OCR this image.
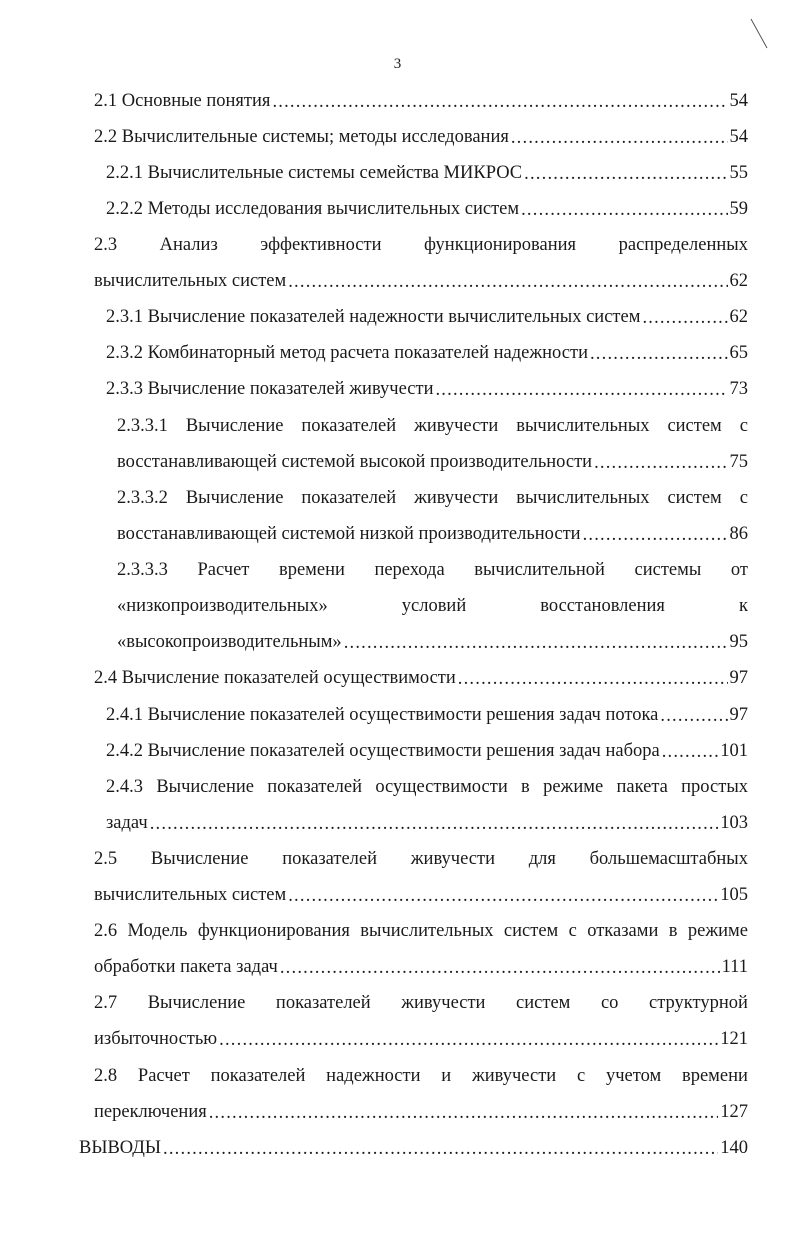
3
2.1 Основные понятия .....	54
2.2 Вычислительные системы; методы исследования .....	54
2.2.1 Вычислительные системы семейства МИКРОС .....	55
2.2.2 Методы исследования вычислительных систем .....	59
2.3 Анализ эффективности функционирования распределенных
вычислительных систем .....	62
2.3.1 Вычисление показателей надежности вычислительных систем .....	62
2.3.2 Комбинаторный метод расчета показателей надежности .....	65
2.3.3 Вычисление показателей живучести .....	73
2.3.3.1 Вычисление показателей живучести вычислительных систем с
восстанавливающей системой высокой производительности .....	75
2.3.3.2 Вычисление показателей живучести вычислительных систем с
восстанавливающей системой низкой производительности .....	86
2.3.3.3 Расчет времени перехода вычислительной системы от
«низкопроизводительных»	условий	восстановления	к
«высокопроизводительным» .....	95
2.4 Вычисление показателей осуществимости .....	97
2.4.1 Вычисление показателей осуществимости решения задач потока .....	97
2.4.2 Вычисление показателей осуществимости решения задач набора .....	101
2.4.3 Вычисление показателей осуществимости в режиме пакета простых
задач .....	103
2.5 Вычисление показателей живучести для большемасштабных
вычислительных систем .....	105
2.6 Модель функционирования вычислительных систем с отказами в режиме
обработки пакета задач .....	111
2.7 Вычисление показателей живучести систем со структурной
избыточностью .....	121
2.8 Расчет показателей надежности и живучести с учетом времени
переключения .....	127
ВЫВОДЫ .....	140
